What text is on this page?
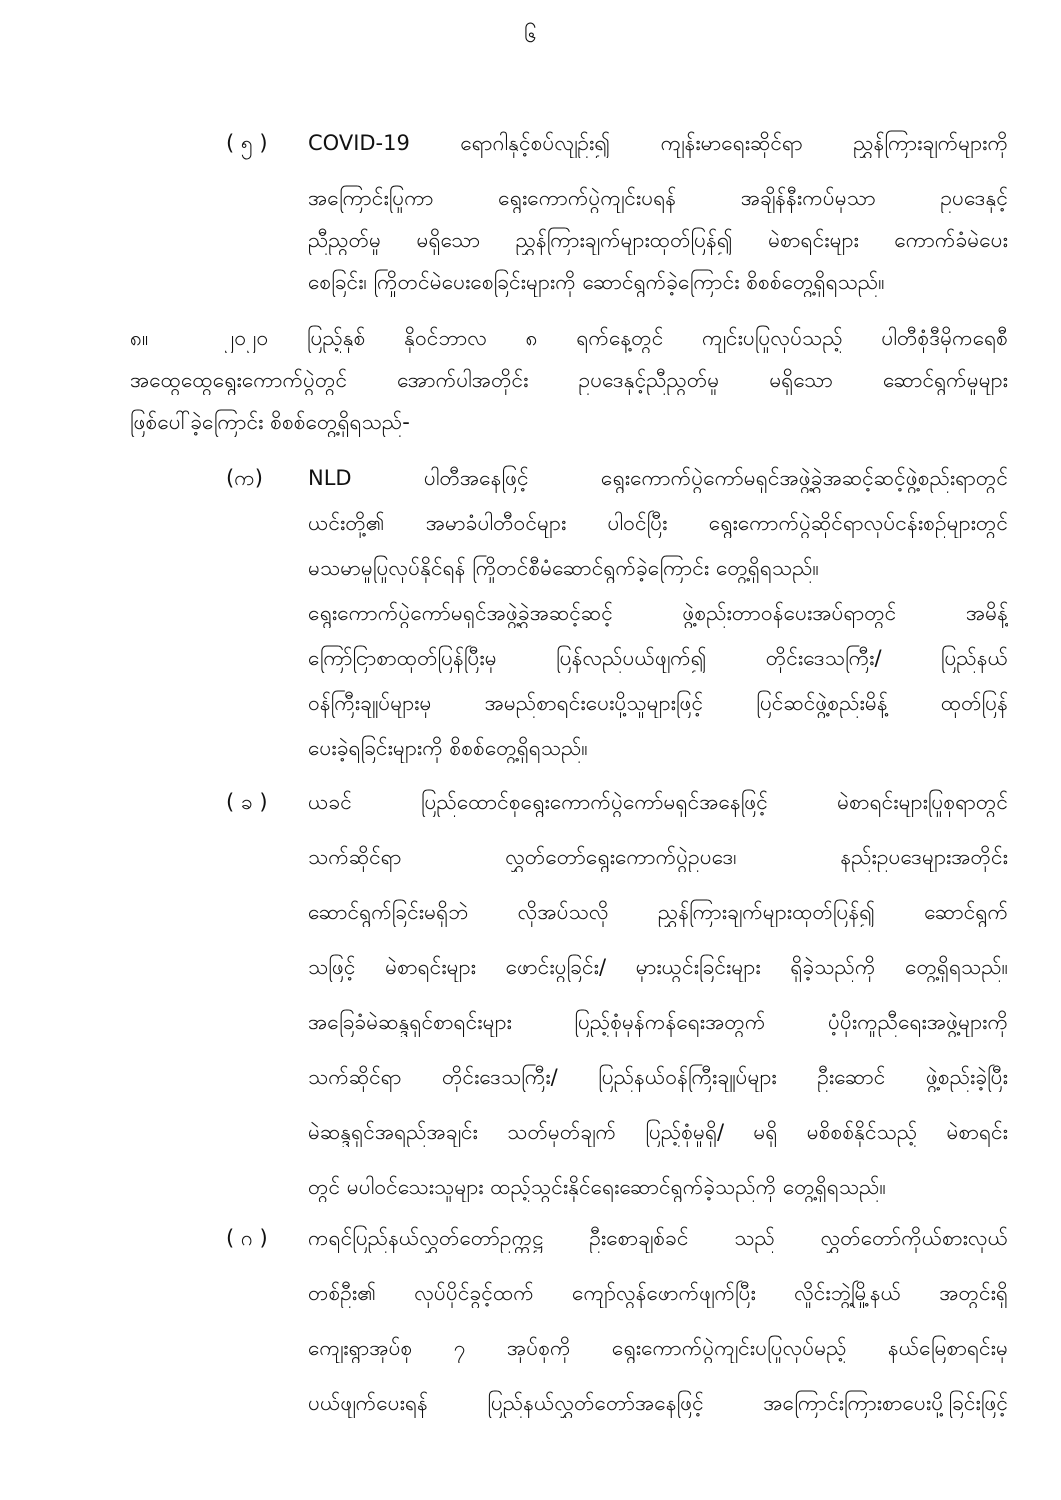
၆
( ၅ ) COVID-19 ရောဂါနှင့်စပ်လျဉ်း၍ ကျန်းမာရေးဆိုင်ရာ ညွှန်ကြားချက်များကို
အကြောင်းပြုကာ ရွေးကောက်ပွဲကျင်းပရန် အချိန်နီးကပ်မှသာ ဥပဒေနှင့်
ညီညွတ်မှု မရှိသော ညွှန်ကြားချက်များထုတ်ပြန်၍ မဲစာရင်းများ ကောက်ခံမဲပေး
စေခြင်း၊ ကြိုတင်မဲပေးစေခြင်းများကို ဆောင်ရွက်ခဲ့ကြောင်း စိစစ်တွေ့ရှိရသည်။
၈။	၂၀၂၀ ပြည့်နှစ် နိုဝင်ဘာလ ၈ ရက်နေ့တွင် ကျင်းပပြုလုပ်သည့် ပါတီစုံဒီမိုကရေစီ
အထွေထွေရွေးကောက်ပွဲတွင် အောက်ပါအတိုင်း ဥပဒေနှင့်ညီညွတ်မှု မရှိသော ဆောင်ရွက်မှုများ
ဖြစ်ပေါ်ခဲ့ကြောင်း စိစစ်တွေ့ရှိရသည်-
(က) NLD ပါတီအနေဖြင့် ရွေးကောက်ပွဲကော်မရှင်အဖွဲ့ခွဲအဆင့်ဆင့်ဖွဲ့စည်းရာတွင်
ယင်းတို့၏ အမာခံပါတီဝင်များ ပါဝင်ပြီး ရွေးကောက်ပွဲဆိုင်ရာလုပ်ငန်းစဉ်များတွင်
မသမာမှုပြုလုပ်နိုင်ရန် ကြိုတင်စီမံဆောင်ရွက်ခဲ့ကြောင်း တွေ့ရှိရသည်။
ရွေးကောက်ပွဲကော်မရှင်အဖွဲ့ခွဲအဆင့်ဆင့် ဖွဲ့စည်းတာဝန်ပေးအပ်ရာတွင် အမိန့်
ကြော်ငြာစာထုတ်ပြန်ပြီးမှ ပြန်လည်ပယ်ဖျက်၍ တိုင်းဒေသကြီး/ ပြည်နယ်
ဝန်ကြီးချုပ်များမှ အမည်စာရင်းပေးပို့သူများဖြင့် ပြင်ဆင်ဖွဲ့စည်းမိန့် ထုတ်ပြန်
ပေးခဲ့ရခြင်းများကို စိစစ်တွေ့ရှိရသည်။
( ခ ) ယခင် ပြည်ထောင်စုရွေးကောက်ပွဲကော်မရှင်အနေဖြင့် မဲစာရင်းများပြုစုရာတွင်
သက်ဆိုင်ရာ လွှတ်တော်ရွေးကောက်ပွဲဥပဒေ၊ နည်းဥပဒေများအတိုင်း
ဆောင်ရွက်ခြင်းမရှိဘဲ လိုအပ်သလို ညွှန်ကြားချက်များထုတ်ပြန်၍ ဆောင်ရွက်
သဖြင့် မဲစာရင်းများ ဖောင်းပွခြင်း/ မှားယွင်းခြင်းများ ရှိခဲ့သည်ကို တွေ့ရှိရသည်။
အခြေခံမဲဆန္ဒရှင်စာရင်းများ ပြည့်စုံမှန်ကန်ရေးအတွက် ပံ့ပိုးကူညီရေးအဖွဲ့များကို
သက်ဆိုင်ရာ တိုင်းဒေသကြီး/ ပြည်နယ်ဝန်ကြီးချုပ်များ ဦးဆောင် ဖွဲ့စည်းခဲ့ပြီး
မဲဆန္ဒရှင်အရည်အချင်း သတ်မှတ်ချက် ပြည့်စုံမှုရှိ/ မရှိ မစိစစ်နိုင်သည့် မဲစာရင်း
တွင် မပါဝင်သေးသူများ ထည့်သွင်းနိုင်ရေးဆောင်ရွက်ခဲ့သည်ကို တွေ့ရှိရသည်။
( ဂ ) ကရင်ပြည်နယ်လွှတ်တော်ဥက္ကဋ္ဌ ဦးစောချစ်ခင် သည် လွှတ်တော်ကိုယ်စားလှယ်
တစ်ဦး၏ လုပ်ပိုင်ခွင့်ထက် ကျော်လွန်ဖောက်ဖျက်ပြီး လှိုင်းဘွဲ့မြို့နယ် အတွင်းရှိ
ကျေးရွာအုပ်စု ၇ အုပ်စုကို ရွေးကောက်ပွဲကျင်းပပြုလုပ်မည့် နယ်မြေစာရင်းမှ
ပယ်ဖျက်ပေးရန် ပြည်နယ်လွှတ်တော်အနေဖြင့် အကြောင်းကြားစာပေးပို့ခြင်းဖြင့်
